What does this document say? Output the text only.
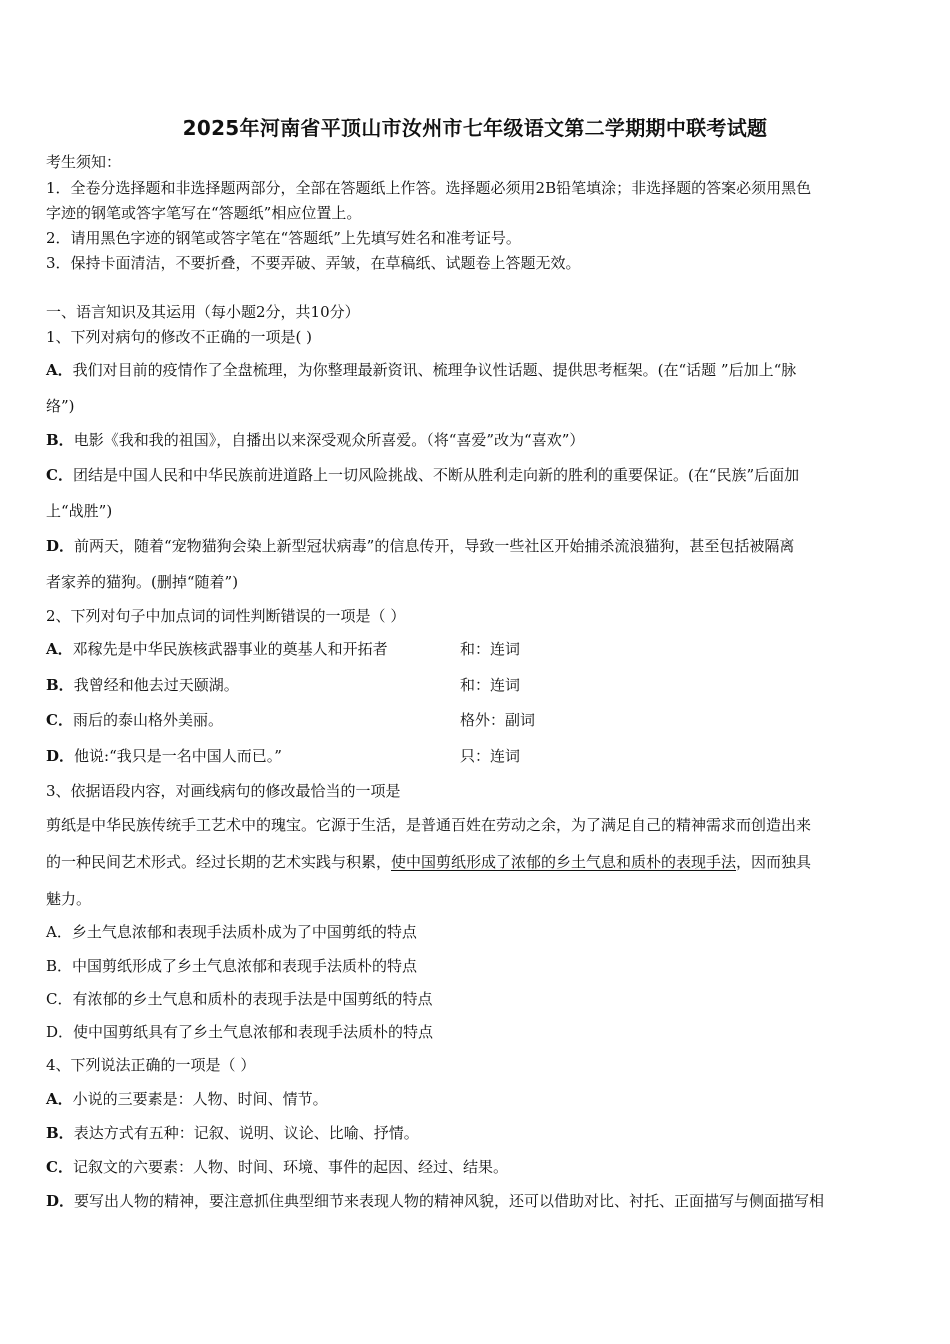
2025年河南省平顶山市汝州市七年级语文第二学期期中联考试题
考生须知：
1．全卷分选择题和非选择题两部分，全部在答题纸上作答。选择题必须用2B铅笔填涂；非选择题的答案必须用黑色
字迹的钢笔或答字笔写在“答题纸”相应位置上。
2．请用黑色字迹的钢笔或答字笔在“答题纸”上先填写姓名和准考证号。
3．保持卡面清洁，不要折叠，不要弄破、弄皱，在草稿纸、试题卷上答题无效。
一、语言知识及其运用（每小题2分，共10分）
1、下列对病句的修改不正确的一项是( )
A．我们对目前的疫情作了全盘梳理，为你整理最新资讯、梳理争议性话题、提供思考框架。(在“话题 ”后加上“脉
络”)
B．电影《我和我的祖国》，自播出以来深受观众所喜爱。（将“喜爱”改为“喜欢”）
C．团结是中国人民和中华民族前进道路上一切风险挑战、不断从胜利走向新的胜利的重要保证。(在“民族”后面加
上“战胜”)
D．前两天，随着“宠物猫狗会染上新型冠状病毒”的信息传开，导致一些社区开始捕杀流浪猫狗，甚至包括被隔离
者家养的猫狗。(删掉“随着”)
2、下列对句子中加点词的词性判断错误的一项是（ ）
A．邓稼先是中华民族核武器事业的奠基人和开拓者	和：连词
B．我曾经和他去过天颐湖。	和：连词
C．雨后的泰山格外美丽。	格外：副词
D．他说:“我只是一名中国人而已。”	只：连词
3、依据语段内容，对画线病句的修改最恰当的一项是
剪纸是中华民族传统手工艺术中的瑰宝。它源于生活，是普通百姓在劳动之余，为了满足自己的精神需求而创造出来
的一种民间艺术形式。经过长期的艺术实践与积累，使中国剪纸形成了浓郁的乡土气息和质朴的表现手法，因而独具
魅力。
A．乡土气息浓郁和表现手法质朴成为了中国剪纸的特点
B．中国剪纸形成了乡土气息浓郁和表现手法质朴的特点
C．有浓郁的乡土气息和质朴的表现手法是中国剪纸的特点
D．使中国剪纸具有了乡土气息浓郁和表现手法质朴的特点
4、下列说法正确的一项是（ ）
A．小说的三要素是：人物、时间、情节。
B．表达方式有五种：记叙、说明、议论、比喻、抒情。
C．记叙文的六要素：人物、时间、环境、事件的起因、经过、结果。
D．要写出人物的精神，要注意抓住典型细节来表现人物的精神风貌，还可以借助对比、衬托、正面描写与侧面描写相
